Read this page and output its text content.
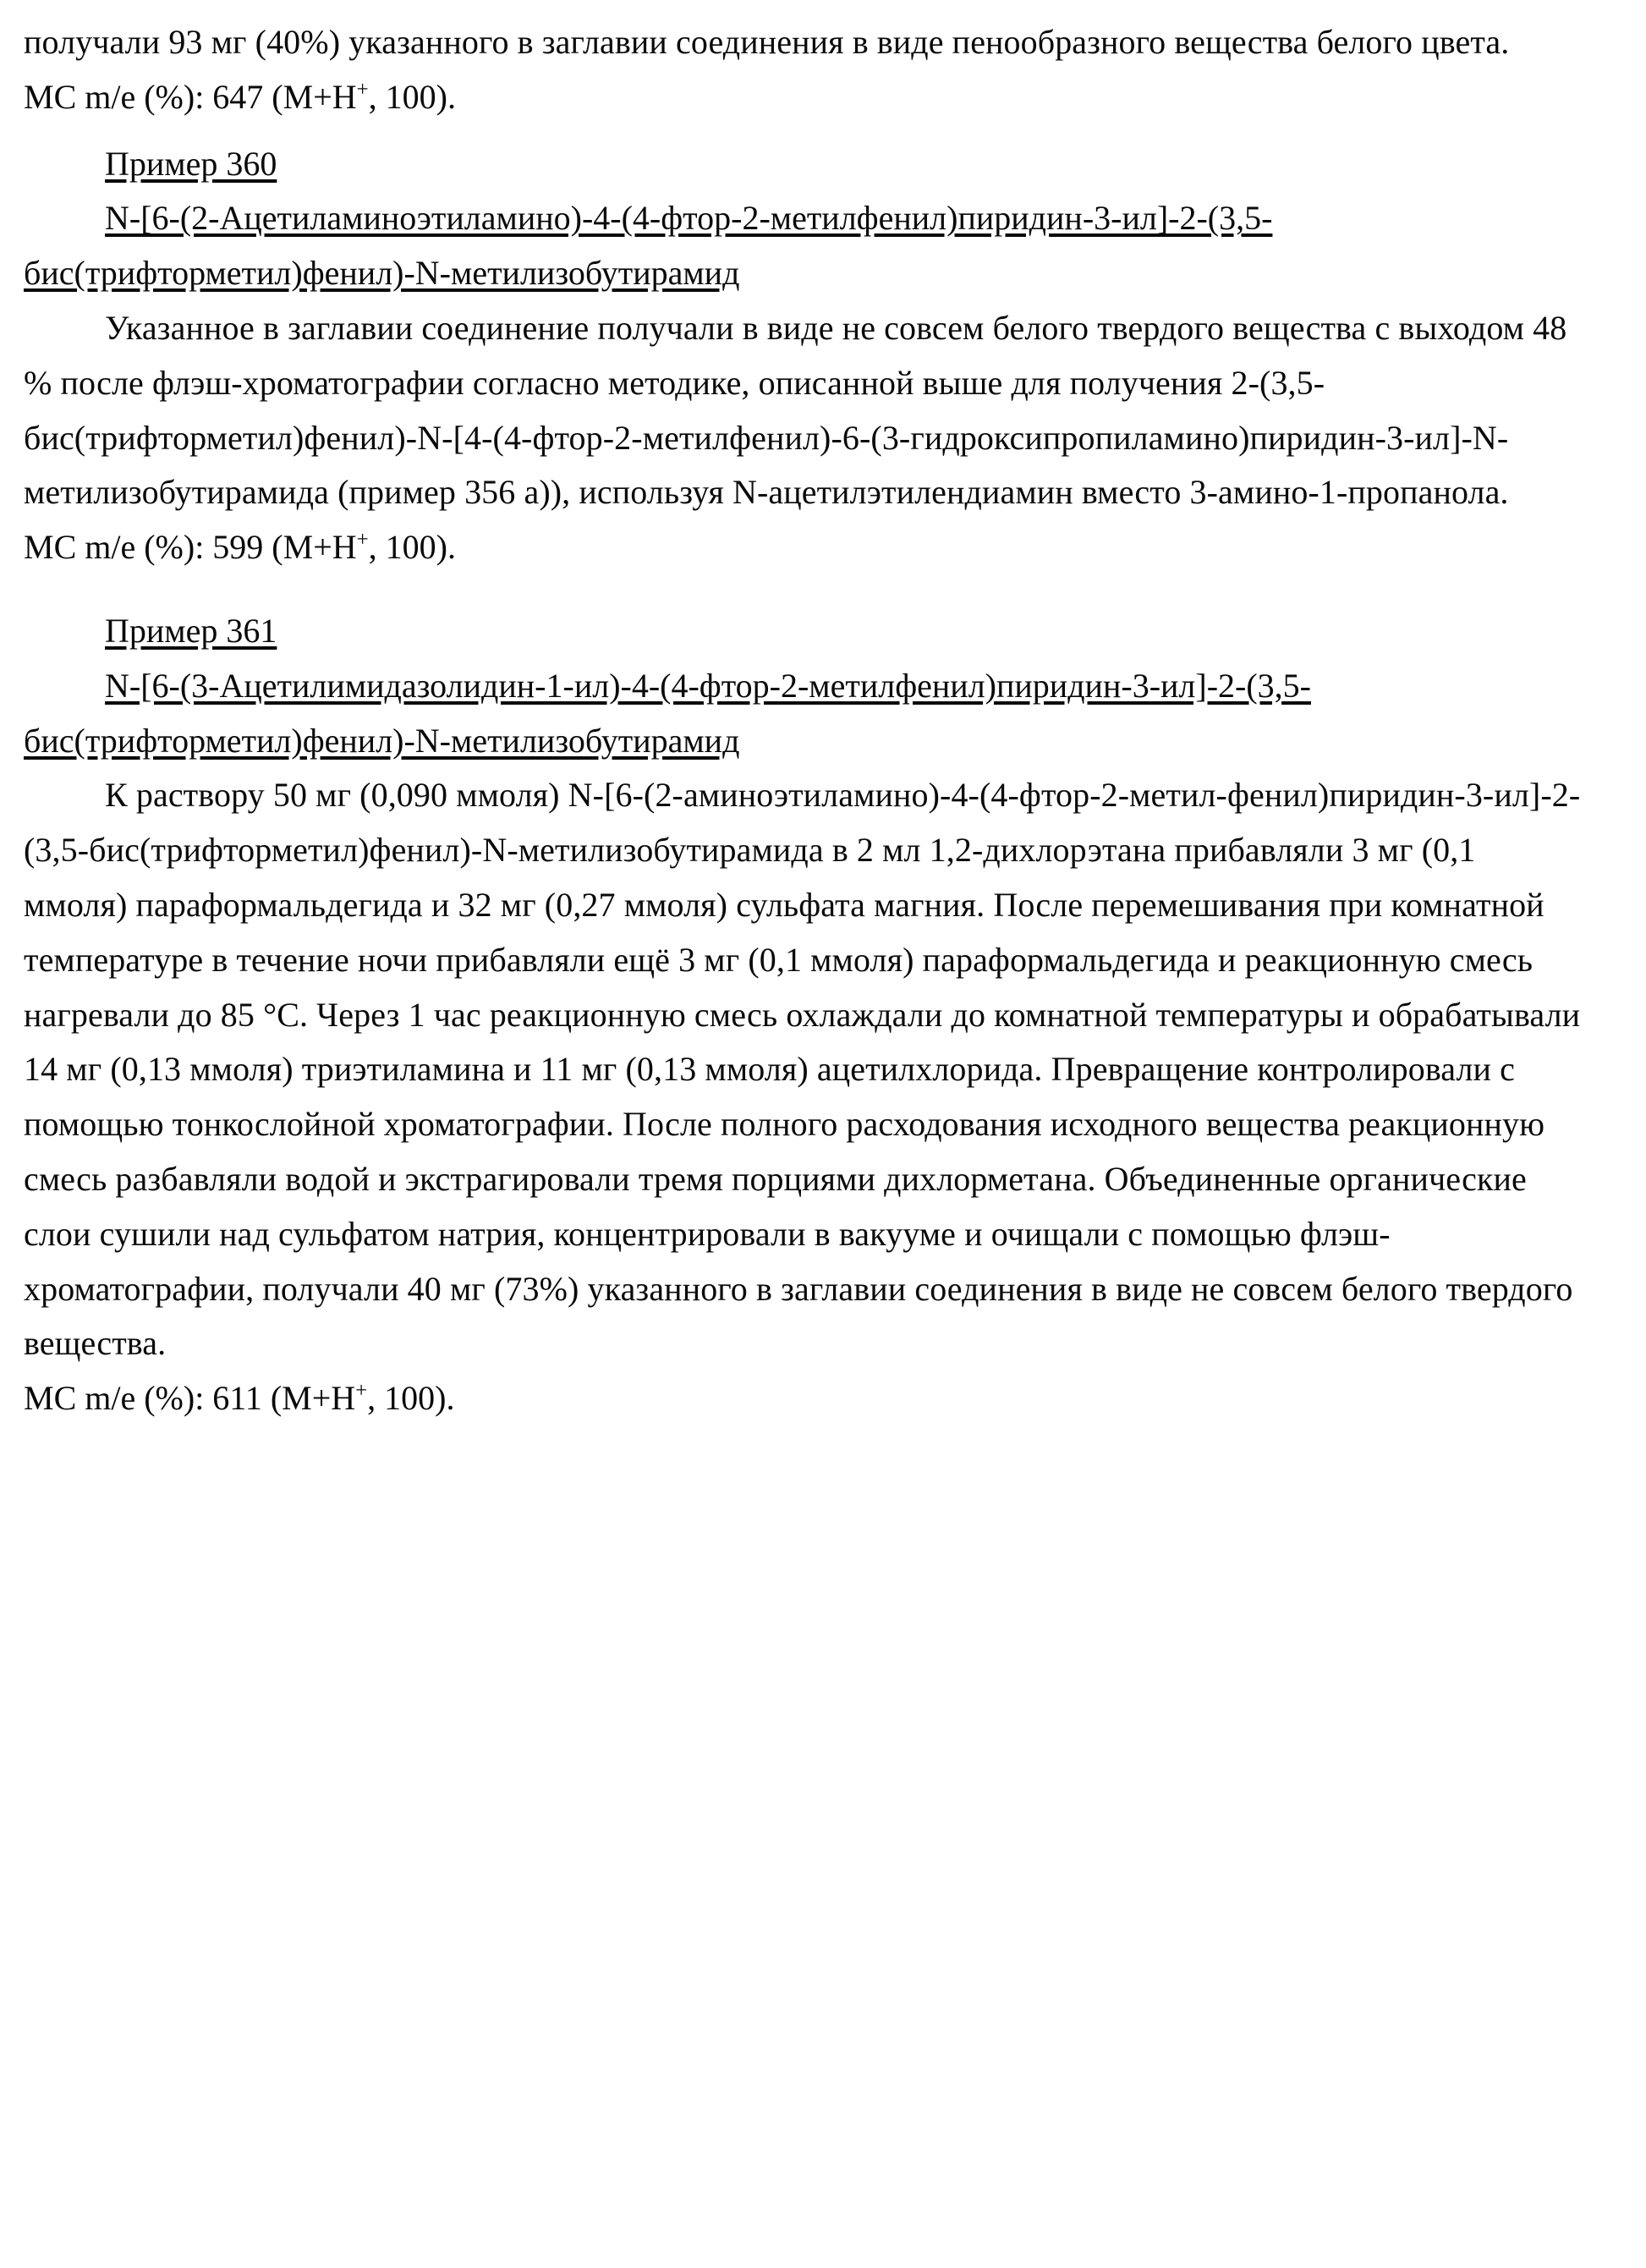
получали 93 мг (40%) указанного в заглавии соединения в виде пенообразного вещества белого цвета.

MC m/e (%): 647 (M+H+, 100).

Пример 360

N-[6-(2-Ацетиламиноэтиламино)-4-(4-фтор-2-метилфенил)пиридин-3-ил]-2-(3,5-бис(трифторметил)фенил)-N-метилизобутирамид

Указанное в заглавии соединение получали в виде не совсем белого твердого вещества с выходом 48 % после флэш-хроматографии согласно методике, описанной выше для получения 2-(3,5-бис(трифторметил)фенил)-N-[4-(4-фтор-2-метилфенил)-6-(3-гидроксипропиламино)пиридин-3-ил]-N-метилизобутирамида (пример 356 а)), используя N-ацетилэтилендиамин вместо 3-амино-1-пропанола.

MC m/e (%): 599 (M+H+, 100).

Пример 361

N-[6-(3-Ацетилимидазолидин-1-ил)-4-(4-фтор-2-метилфенил)пиридин-3-ил]-2-(3,5-бис(трифторметил)фенил)-N-метилизобутирамид

К раствору 50 мг (0,090 ммоля) N-[6-(2-аминоэтиламино)-4-(4-фтор-2-метил-фенил)пиридин-3-ил]-2-(3,5-бис(трифторметил)фенил)-N-метилизобутирамида в 2 мл 1,2-дихлорэтана прибавляли 3 мг (0,1 ммоля) параформальдегида и 32 мг (0,27 ммоля) сульфата магния. После перемешивания при комнатной температуре в течение ночи прибавляли ещё 3 мг (0,1 ммоля) параформальдегида и реакционную смесь нагревали до 85 °С. Через 1 час реакционную смесь охлаждали до комнатной температуры и обрабатывали 14 мг (0,13 ммоля) триэтиламина и 11 мг (0,13 ммоля) ацетилхлорида. Превращение контролировали с помощью тонкослойной хроматографии. После полного расходования исходного вещества реакционную смесь разбавляли водой и экстрагировали тремя порциями дихлорметана. Объединенные органические слои сушили над сульфатом натрия, концентрировали в вакууме и очищали с помощью флэш-хроматографии, получали 40 мг (73%) указанного в заглавии соединения в виде не совсем белого твердого вещества.

MC m/e (%): 611 (M+H+, 100).
